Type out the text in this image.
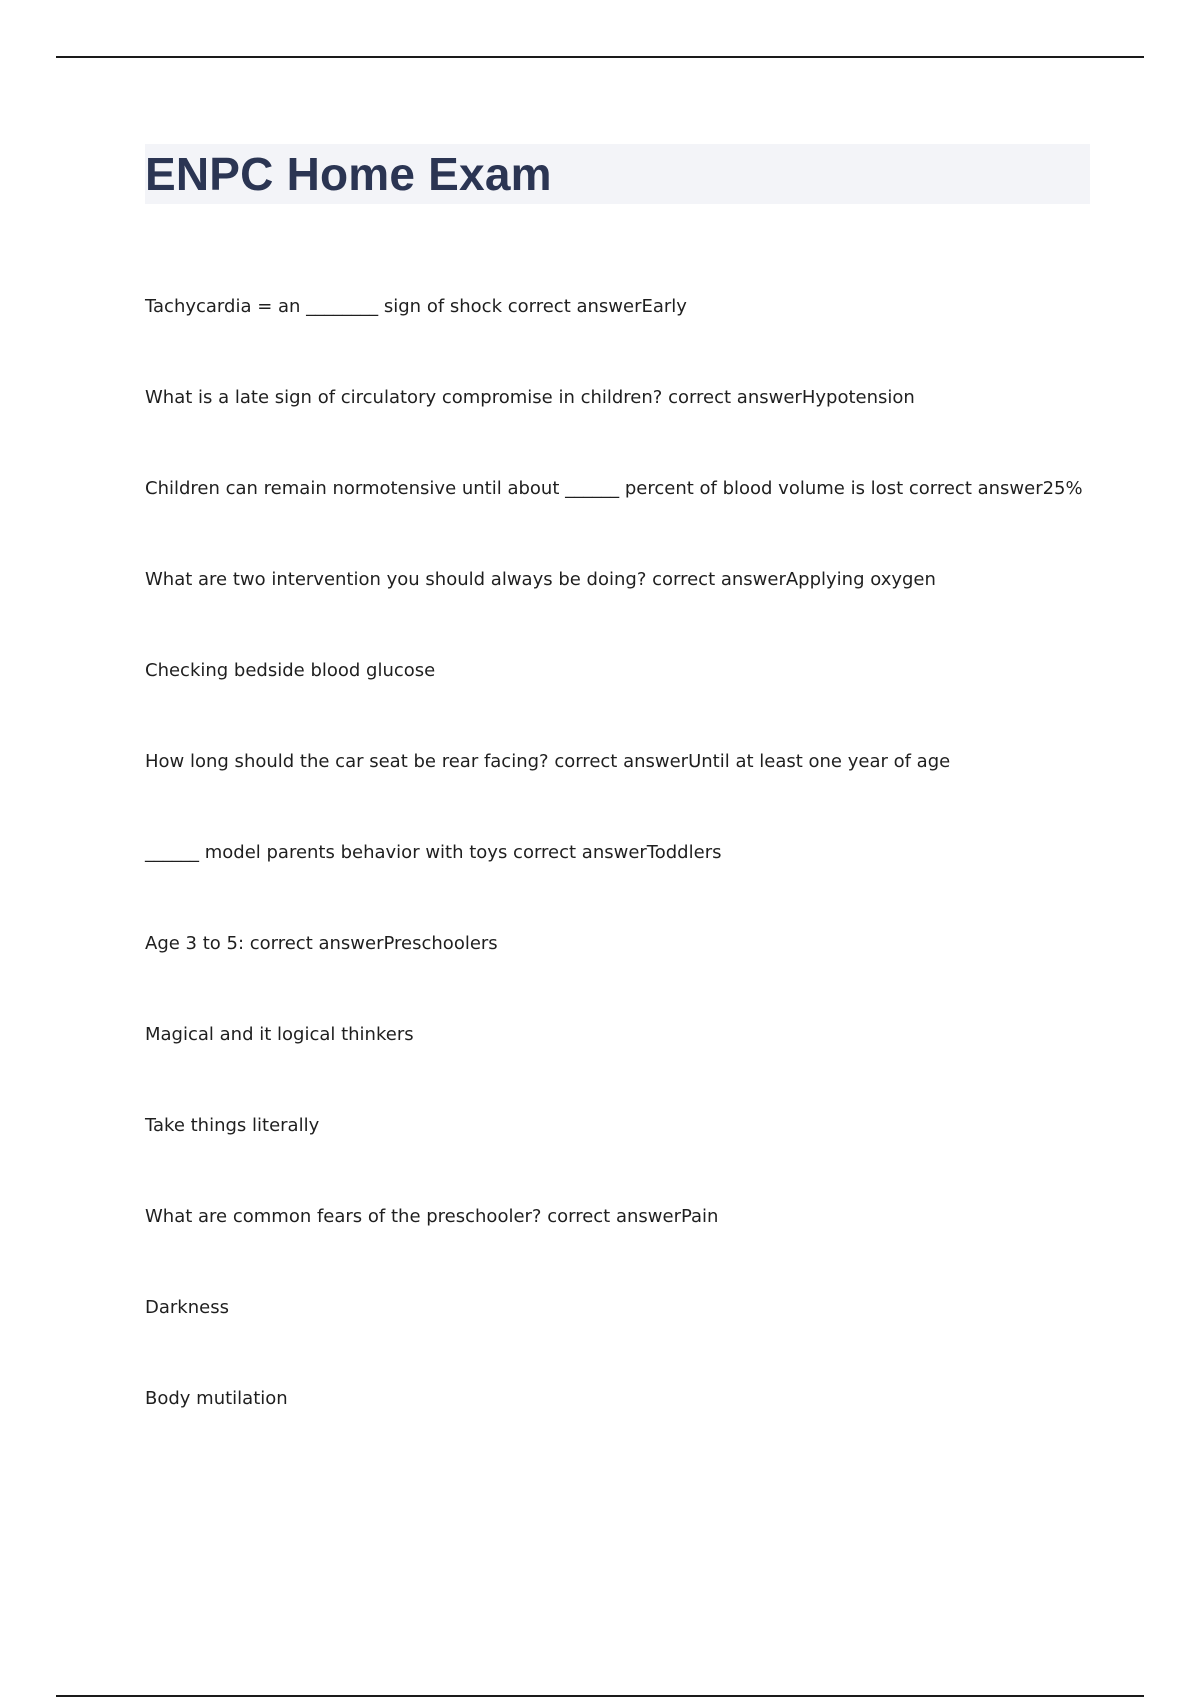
ENPC Home Exam
Tachycardia = an ________ sign of shock correct answerEarly
What is a late sign of circulatory compromise in children? correct answerHypotension
Children can remain normotensive until about ______ percent of blood volume is lost correct answer25%
What are two intervention you should always be doing? correct answerApplying oxygen
Checking bedside blood glucose
How long should the car seat be rear facing? correct answerUntil at least one year of age
______ model parents behavior with toys correct answerToddlers
Age 3 to 5: correct answerPreschoolers
Magical and it logical thinkers
Take things literally
What are common fears of the preschooler? correct answerPain
Darkness
Body mutilation
